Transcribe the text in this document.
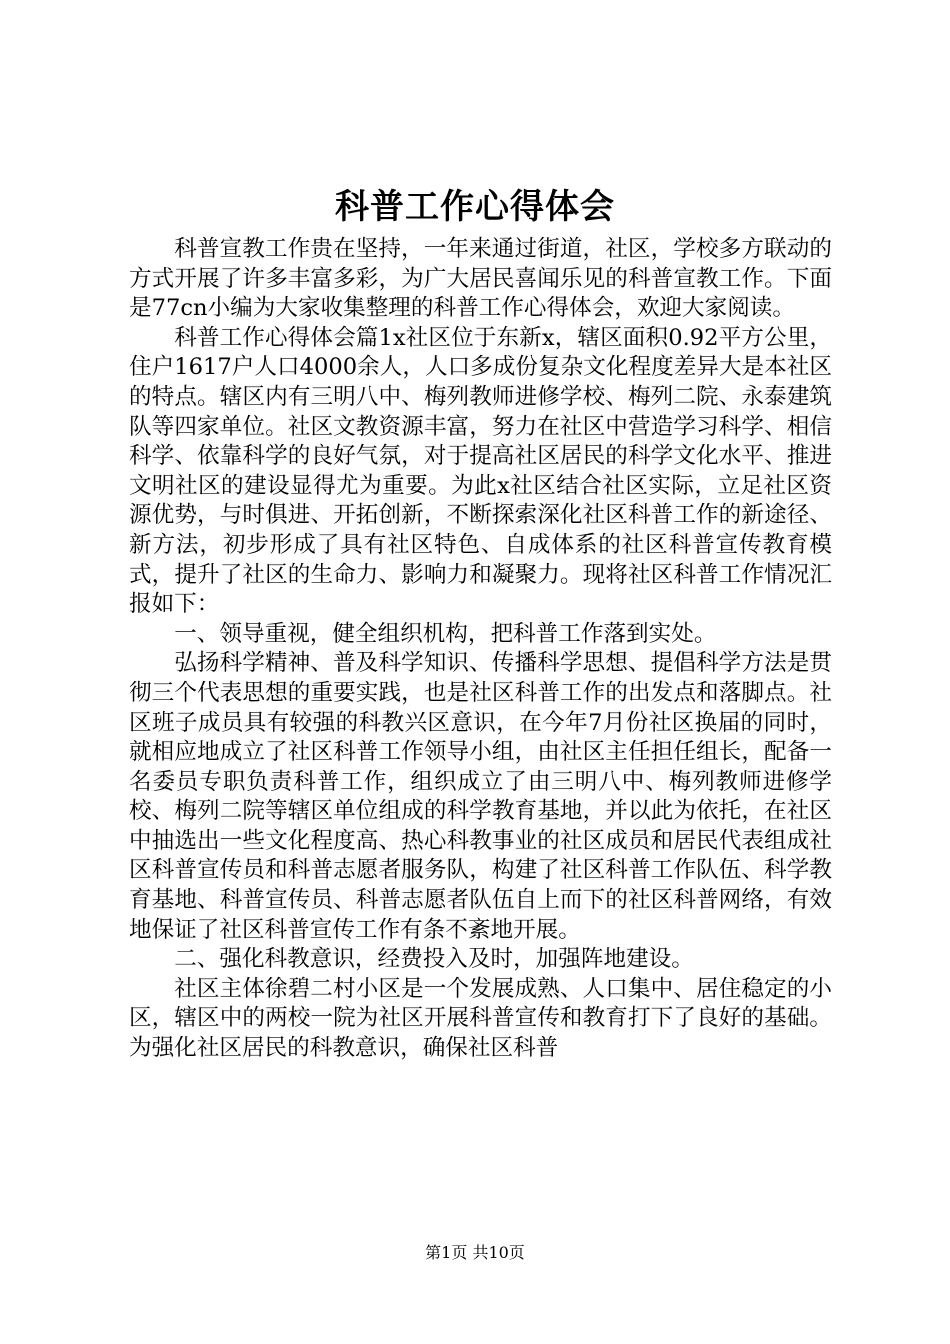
科普工作心得体会

科普宣教工作贵在坚持，一年来通过街道，社区，学校多方联动的方式开展了许多丰富多彩，为广大居民喜闻乐见的科普宣教工作。下面是77cn小编为大家收集整理的科普工作心得体会，欢迎大家阅读。

科普工作心得体会篇1x社区位于东新x，辖区面积0.92平方公里，住户1617户人口4000余人，人口多成份复杂文化程度差异大是本社区的特点。辖区内有三明八中、梅列教师进修学校、梅列二院、永泰建筑队等四家单位。社区文教资源丰富，努力在社区中营造学习科学、相信科学、依靠科学的良好气氛，对于提高社区居民的科学文化水平、推进文明社区的建设显得尤为重要。为此x社区结合社区实际，立足社区资源优势，与时俱进、开拓创新，不断探索深化社区科普工作的新途径、新方法，初步形成了具有社区特色、自成体系的社区科普宣传教育模式，提升了社区的生命力、影响力和凝聚力。现将社区科普工作情况汇报如下：

一、领导重视，健全组织机构，把科普工作落到实处。

弘扬科学精神、普及科学知识、传播科学思想、提倡科学方法是贯彻三个代表思想的重要实践，也是社区科普工作的出发点和落脚点。社区班子成员具有较强的科教兴区意识，在今年7月份社区换届的同时，就相应地成立了社区科普工作领导小组，由社区主任担任组长，配备一名委员专职负责科普工作，组织成立了由三明八中、梅列教师进修学校、梅列二院等辖区单位组成的科学教育基地，并以此为依托，在社区中抽选出一些文化程度高、热心科教事业的社区成员和居民代表组成社区科普宣传员和科普志愿者服务队，构建了社区科普工作队伍、科学教育基地、科普宣传员、科普志愿者队伍自上而下的社区科普网络，有效地保证了社区科普宣传工作有条不紊地开展。

二、强化科教意识，经费投入及时，加强阵地建设。

社区主体徐碧二村小区是一个发展成熟、人口集中、居住稳定的小区，辖区中的两校一院为社区开展科普宣传和教育打下了良好的基础。为强化社区居民的科教意识，确保社区科普

第1页 共10页
